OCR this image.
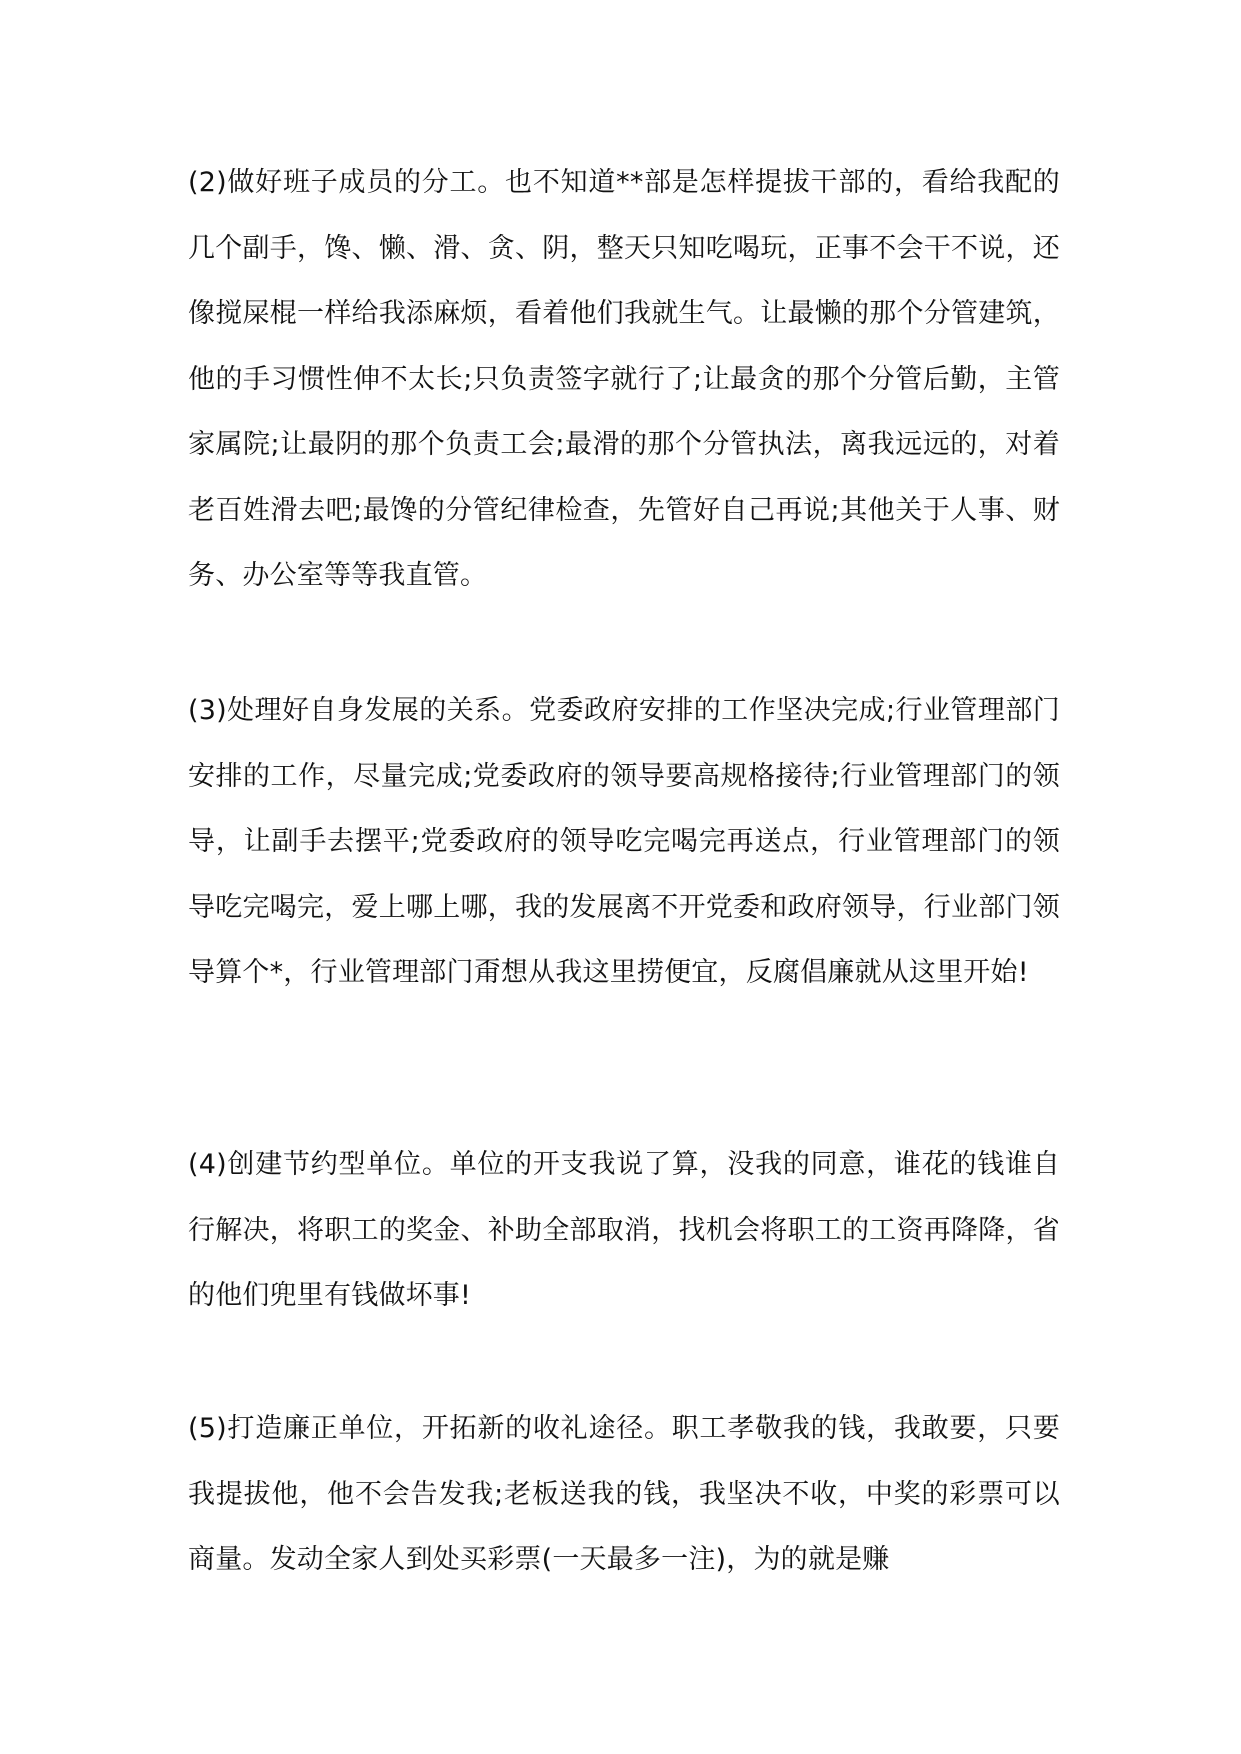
(2)做好班子成员的分工。也不知道**部是怎样提拔干部的，看给我配的几个副手，馋、懒、滑、贪、阴，整天只知吃喝玩，正事不会干不说，还像搅屎棍一样给我添麻烦，看着他们我就生气。让最懒的那个分管建筑，他的手习惯性伸不太长;只负责签字就行了;让最贪的那个分管后勤，主管家属院;让最阴的那个负责工会;最滑的那个分管执法，离我远远的，对着老百姓滑去吧;最馋的分管纪律检查，先管好自己再说;其他关于人事、财务、办公室等等我直管。

(3)处理好自身发展的关系。党委政府安排的工作坚决完成;行业管理部门安排的工作，尽量完成;党委政府的领导要高规格接待;行业管理部门的领导，让副手去摆平;党委政府的领导吃完喝完再送点，行业管理部门的领导吃完喝完，爱上哪上哪，我的发展离不开党委和政府领导，行业部门领导算个*，行业管理部门甭想从我这里捞便宜，反腐倡廉就从这里开始!

(4)创建节约型单位。单位的开支我说了算，没我的同意，谁花的钱谁自行解决，将职工的奖金、补助全部取消，找机会将职工的工资再降降，省的他们兜里有钱做坏事!

(5)打造廉正单位，开拓新的收礼途径。职工孝敬我的钱，我敢要，只要我提拔他，他不会告发我;老板送我的钱，我坚决不收，中奖的彩票可以商量。发动全家人到处买彩票(一天最多一注)，为的就是赚
